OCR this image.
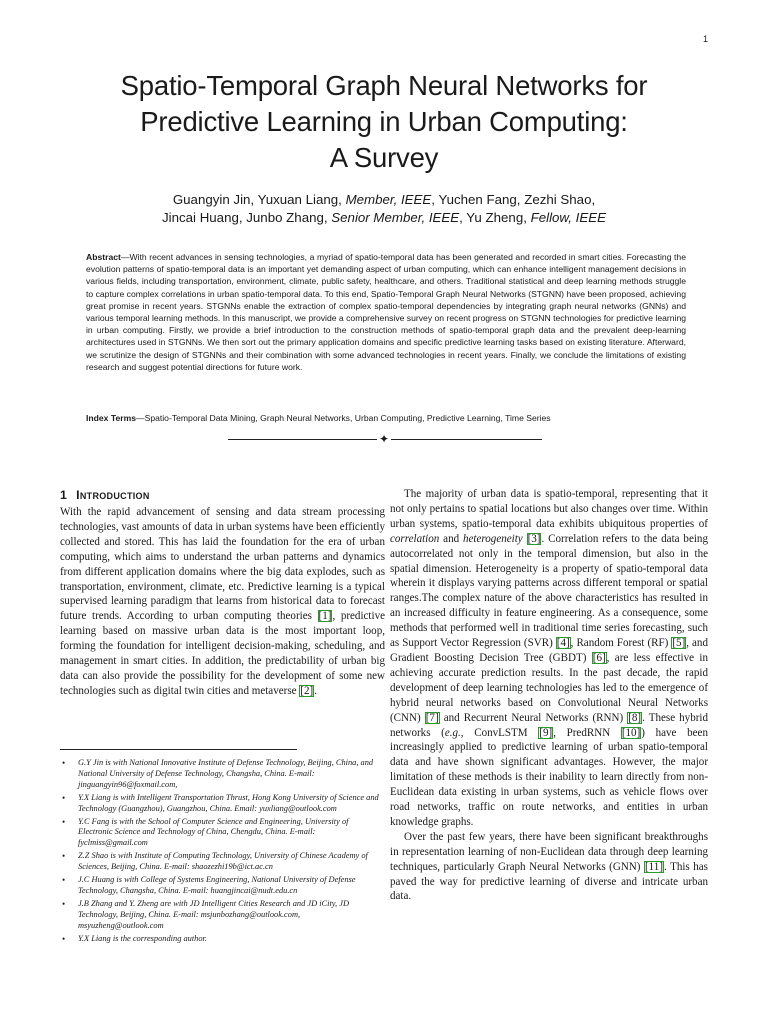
1
Spatio-Temporal Graph Neural Networks for
Predictive Learning in Urban Computing:
A Survey
Guangyin Jin, Yuxuan Liang, Member, IEEE, Yuchen Fang, Zezhi Shao,
Jincai Huang, Junbo Zhang, Senior Member, IEEE, Yu Zheng, Fellow, IEEE
Abstract—With recent advances in sensing technologies, a myriad of spatio-temporal data has been generated and recorded in smart cities. Forecasting the evolution patterns of spatio-temporal data is an important yet demanding aspect of urban computing, which can enhance intelligent management decisions in various fields, including transportation, environment, climate, public safety, healthcare, and others. Traditional statistical and deep learning methods struggle to capture complex correlations in urban spatio-temporal data. To this end, Spatio-Temporal Graph Neural Networks (STGNN) have been proposed, achieving great promise in recent years. STGNNs enable the extraction of complex spatio-temporal dependencies by integrating graph neural networks (GNNs) and various temporal learning methods. In this manuscript, we provide a comprehensive survey on recent progress on STGNN technologies for predictive learning in urban computing. Firstly, we provide a brief introduction to the construction methods of spatio-temporal graph data and the prevalent deep-learning architectures used in STGNNs. We then sort out the primary application domains and specific predictive learning tasks based on existing literature. Afterward, we scrutinize the design of STGNNs and their combination with some advanced technologies in recent years. Finally, we conclude the limitations of existing research and suggest potential directions for future work.
Index Terms—Spatio-Temporal Data Mining, Graph Neural Networks, Urban Computing, Predictive Learning, Time Series
✦
1 Introduction

With the rapid advancement of sensing and data stream processing technologies, vast amounts of data in urban systems have been efficiently collected and stored. This has laid the foundation for the era of urban computing, which aims to understand the urban patterns and dynamics from different application domains where the big data explodes, such as transportation, environment, climate, etc. Predictive learning is a typical supervised learning paradigm that learns from historical data to forecast future trends. According to urban computing theories [1], predictive learning based on massive urban data is the most important loop, forming the foundation for intelligent decision-making, scheduling, and management in smart cities. In addition, the predictability of urban big data can also provide the possibility for the development of some new technologies such as digital twin cities and metaverse [2].

• G.Y Jin is with National Innovative Institute of Defense Technology, Beijing, China, and National University of Defense Technology, Changsha, China. E-mail: jinguangyin96@foxmail.com,
• Y.X Liang is with Intelligent Transportation Thrust, Hong Kong University of Science and Technology (Guangzhou), Guangzhou, China. Email: yuxliang@outlook.com
• Y.C Fang is with the School of Computer Science and Engineering, University of Electronic Science and Technology of China, Chengdu, China. E-mail: fyclmiss@gmail.com
• Z.Z Shao is with Institute of Computing Technology, University of Chinese Academy of Sciences, Beijing, China. E-mail: shaozezhi19b@ict.ac.cn
• J.C Huang is with College of Systems Engineering, National University of Defense Technology, Changsha, China. E-mail: huangjincai@nudt.edu.cn
• J.B Zhang and Y. Zheng are with JD Intelligent Cities Research and JD iCity, JD Technology, Beijing, China. E-mail: msjunbozhang@outlook.com, msyuzheng@outlook.com
• Y.X Liang is the corresponding author.

The majority of urban data is spatio-temporal, representing that it not only pertains to spatial locations but also changes over time. Within urban systems, spatio-temporal data exhibits ubiquitous properties of correlation and heterogeneity [3]. Correlation refers to the data being autocorrelated not only in the temporal dimension, but also in the spatial dimension. Heterogeneity is a property of spatio-temporal data wherein it displays varying patterns across different temporal or spatial ranges.The complex nature of the above characteristics has resulted in an increased difficulty in feature engineering. As a consequence, some methods that performed well in traditional time series forecasting, such as Support Vector Regression (SVR) [4], Random Forest (RF) [5], and Gradient Boosting Decision Tree (GBDT) [6], are less effective in achieving accurate prediction results. In the past decade, the rapid development of deep learning technologies has led to the emergence of hybrid neural networks based on Convolutional Neural Networks (CNN) [7] and Recurrent Neural Networks (RNN) [8]. These hybrid networks (e.g., ConvLSTM [9], PredRNN [10]) have been increasingly applied to predictive learning of urban spatio-temporal data and have shown significant advantages. However, the major limitation of these methods is their inability to learn directly from non-Euclidean data existing in urban systems, such as vehicle flows over road networks, traffic on route networks, and entities in urban knowledge graphs.

Over the past few years, there have been significant breakthroughs in representation learning of non-Euclidean data through deep learning techniques, particularly Graph Neural Networks (GNN) [11]. This has paved the way for predictive learning of diverse and intricate urban data.
